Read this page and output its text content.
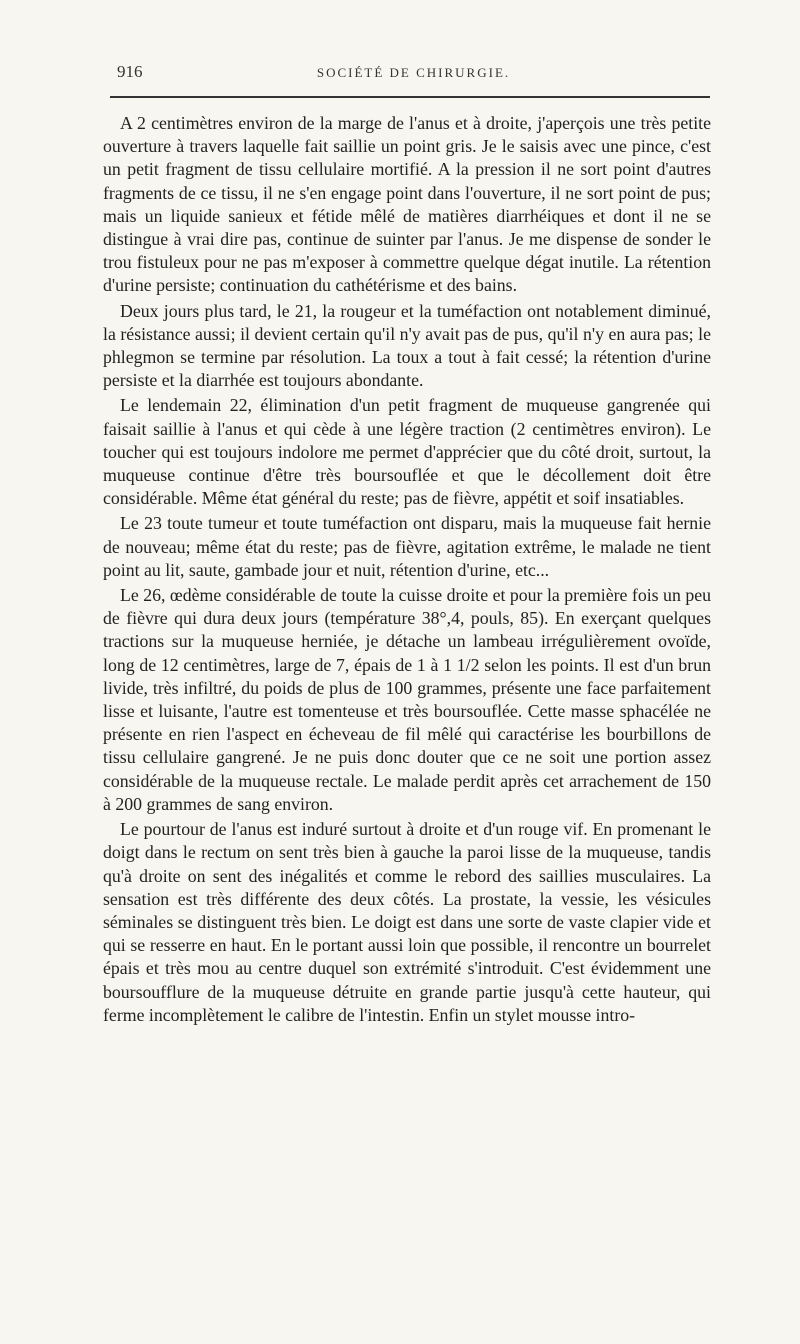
916	SOCIÉTÉ DE CHIRURGIE.

A 2 centimètres environ de la marge de l'anus et à droite, j'aperçois une très petite ouverture à travers laquelle fait saillie un point gris. Je le saisis avec une pince, c'est un petit fragment de tissu cellulaire mortifié. A la pression il ne sort point d'autres fragments de ce tissu, il ne s'en engage point dans l'ouverture, il ne sort point de pus; mais un liquide sanieux et fétide mêlé de matières diarrhéiques et dont il ne se distingue à vrai dire pas, continue de suinter par l'anus. Je me dispense de sonder le trou fistuleux pour ne pas m'exposer à commettre quelque dégat inutile. La rétention d'urine persiste; continuation du cathétérisme et des bains.

Deux jours plus tard, le 21, la rougeur et la tuméfaction ont notablement diminué, la résistance aussi; il devient certain qu'il n'y avait pas de pus, qu'il n'y en aura pas; le phlegmon se termine par résolution. La toux a tout à fait cessé; la rétention d'urine persiste et la diarrhée est toujours abondante.

Le lendemain 22, élimination d'un petit fragment de muqueuse gangrenée qui faisait saillie à l'anus et qui cède à une légère traction (2 centimètres environ). Le toucher qui est toujours indolore me permet d'apprécier que du côté droit, surtout, la muqueuse continue d'être très boursouflée et que le décollement doit être considérable. Même état général du reste; pas de fièvre, appétit et soif insatiables.

Le 23 toute tumeur et toute tuméfaction ont disparu, mais la muqueuse fait hernie de nouveau; même état du reste; pas de fièvre, agitation extrême, le malade ne tient point au lit, saute, gambade jour et nuit, rétention d'urine, etc...

Le 26, œdème considérable de toute la cuisse droite et pour la première fois un peu de fièvre qui dura deux jours (température 38°,4, pouls, 85). En exerçant quelques tractions sur la muqueuse herniée, je détache un lambeau irrégulièrement ovoïde, long de 12 centimètres, large de 7, épais de 1 à 1 1/2 selon les points. Il est d'un brun livide, très infiltré, du poids de plus de 100 grammes, présente une face parfaitement lisse et luisante, l'autre est tomenteuse et très boursouflée. Cette masse sphacélée ne présente en rien l'aspect en écheveau de fil mêlé qui caractérise les bourbillons de tissu cellulaire gangrené. Je ne puis donc douter que ce ne soit une portion assez considérable de la muqueuse rectale. Le malade perdit après cet arrachement de 150 à 200 grammes de sang environ.

Le pourtour de l'anus est induré surtout à droite et d'un rouge vif. En promenant le doigt dans le rectum on sent très bien à gauche la paroi lisse de la muqueuse, tandis qu'à droite on sent des inégalités et comme le rebord des saillies musculaires. La sensation est très différente des deux côtés. La prostate, la vessie, les vésicules séminales se distinguent très bien. Le doigt est dans une sorte de vaste clapier vide et qui se resserre en haut. En le portant aussi loin que possible, il rencontre un bourrelet épais et très mou au centre duquel son extrémité s'introduit. C'est évidemment une boursoufflure de la muqueuse détruite en grande partie jusqu'à cette hauteur, qui ferme incomplètement le calibre de l'intestin. Enfin un stylet mousse intro-
